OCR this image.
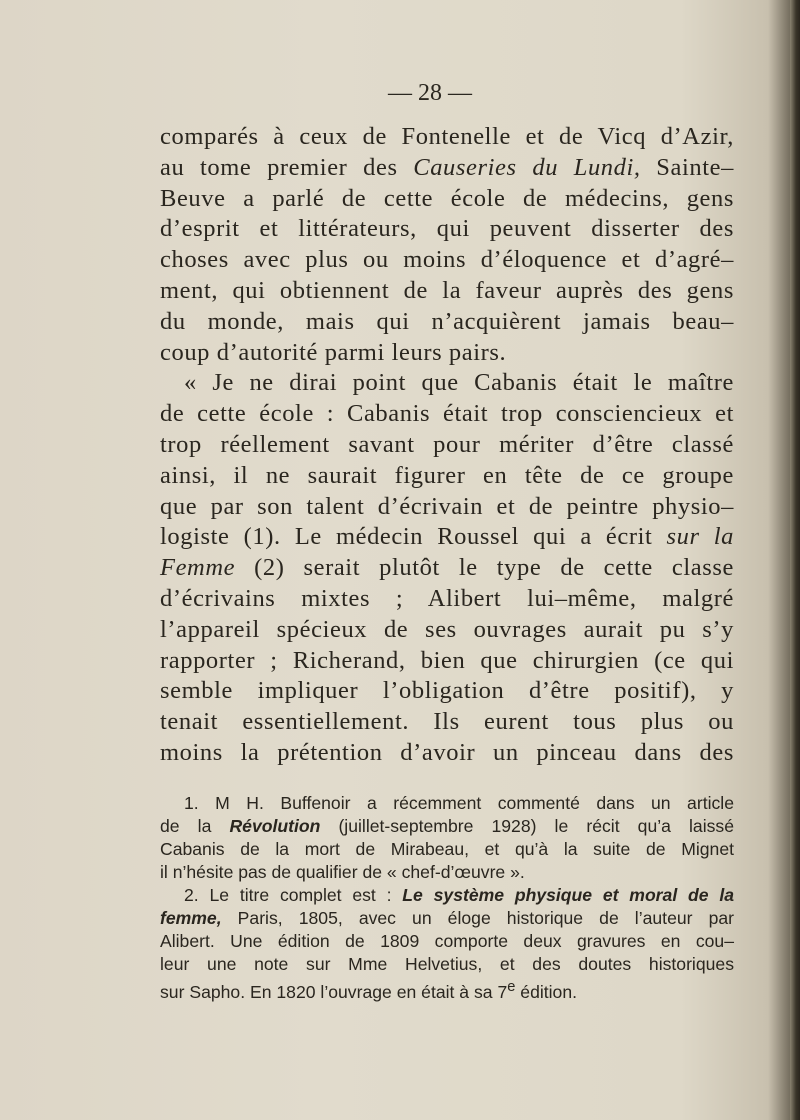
— 28 —
comparés à ceux de Fontenelle et de Vicq d’Azir,
au tome premier des Causeries du Lundi, Sainte–
Beuve a parlé de cette école de médecins, gens
d’esprit et littérateurs, qui peuvent disserter des
choses avec plus ou moins d’éloquence et d’agré–
ment, qui obtiennent de la faveur auprès des gens
du monde, mais qui n’acquièrent jamais beau–
coup d’autorité parmi leurs pairs.
« Je ne dirai point que Cabanis était le maître
de cette école : Cabanis était trop consciencieux et
trop réellement savant pour mériter d’être classé
ainsi, il ne saurait figurer en tête de ce groupe
que par son talent d’écrivain et de peintre physio–
logiste (1). Le médecin Roussel qui a écrit sur la
Femme (2) serait plutôt le type de cette classe
d’écrivains mixtes ; Alibert lui–même, malgré
l’appareil spécieux de ses ouvrages aurait pu s’y
rapporter ; Richerand, bien que chirurgien (ce qui
semble impliquer l’obligation d’être positif), y
tenait essentiellement. Ils eurent tous plus ou
moins la prétention d’avoir un pinceau dans des
1. M H. Buffenoir a récemment commenté dans un article
de la Révolution (juillet-septembre 1928) le récit qu’a laissé
Cabanis de la mort de Mirabeau, et qu’à la suite de Mignet
il n’hésite pas de qualifier de « chef-d’œuvre ».
2. Le titre complet est : Le système physique et moral de la
femme, Paris, 1805, avec un éloge historique de l’auteur par
Alibert. Une édition de 1809 comporte deux gravures en cou–
leur une note sur Mme Helvetius, et des doutes historiques
sur Sapho. En 1820 l’ouvrage en était à sa 7e édition.
